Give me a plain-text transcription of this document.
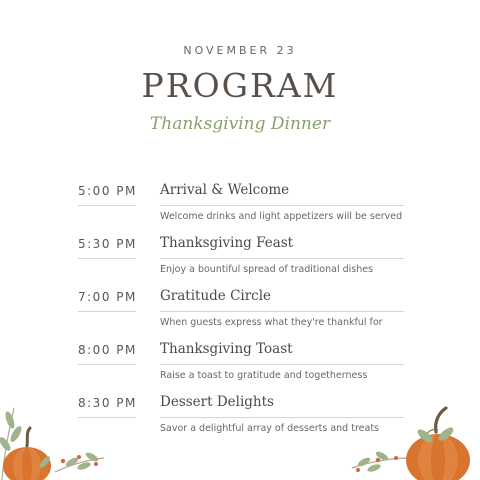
NOVEMBER 23
PROGRAM
Thanksgiving Dinner
5:00 PM Arrival & Welcome
Welcome drinks and light appetizers will be served
5:30 PM Thanksgiving Feast
Enjoy a bountiful spread of traditional dishes
7:00 PM Gratitude Circle
When guests express what they're thankful for
8:00 PM Thanksgiving Toast
Raise a toast to gratitude and togetherness
8:30 PM Dessert Delights
Savor a delightful array of desserts and treats
